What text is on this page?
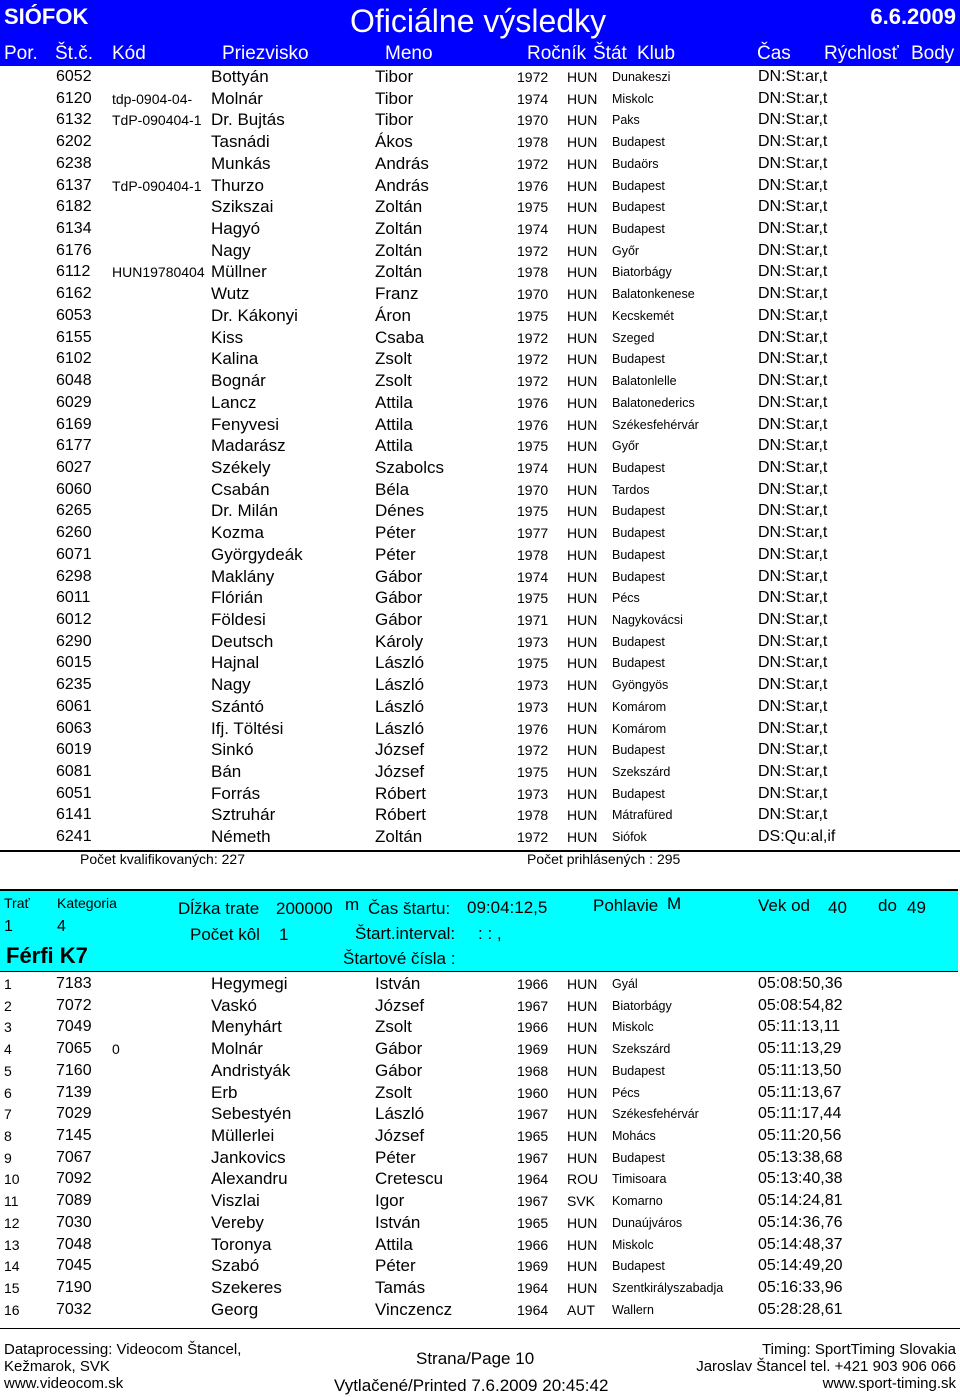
SIÓFOK	Oficiálne výsledky	6.6.2009
Por. Št.č. Kód	Priezvisko	Meno	Ročník Štát Klub	Čas Rýchlosť Body
6052	Bottyán	Tibor	1972 HUN Dunakeszi	DN:St:ar,t
6120 tdp-0904-04- Molnár	Tibor	1974 HUN Miskolc	DN:St:ar,t
6132 TdP-090404-1 Dr. Bujtás	Tibor	1970 HUN Paks	DN:St:ar,t
6202	Tasnádi	Ákos	1978 HUN Budapest	DN:St:ar,t
6238	Munkás	András	1972 HUN Budaörs	DN:St:ar,t
6137 TdP-090404-1 Thurzo	András	1976 HUN Budapest	DN:St:ar,t
6182	Szikszai	Zoltán	1975 HUN Budapest	DN:St:ar,t
6134	Hagyó	Zoltán	1974 HUN Budapest	DN:St:ar,t
6176	Nagy	Zoltán	1972 HUN Győr	DN:St:ar,t
6112 HUN19780404 Müllner	Zoltán	1978 HUN Biatorbágy	DN:St:ar,t
6162	Wutz	Franz	1970 HUN Balatonkenese	DN:St:ar,t
6053	Dr. Kákonyi	Áron	1975 HUN Kecskemét	DN:St:ar,t
6155	Kiss	Csaba	1972 HUN Szeged	DN:St:ar,t
6102	Kalina	Zsolt	1972 HUN Budapest	DN:St:ar,t
6048	Bognár	Zsolt	1972 HUN Balatonlelle	DN:St:ar,t
6029	Lancz	Attila	1976 HUN Balatonederics	DN:St:ar,t
6169	Fenyvesi	Attila	1976 HUN Székesfehérvár	DN:St:ar,t
6177	Madarász	Attila	1975 HUN Győr	DN:St:ar,t
6027	Székely	Szabolcs	1974 HUN Budapest	DN:St:ar,t
6060	Csabán	Béla	1970 HUN Tardos	DN:St:ar,t
6265	Dr. Milán	Dénes	1975 HUN Budapest	DN:St:ar,t
6260	Kozma	Péter	1977 HUN Budapest	DN:St:ar,t
6071	Györgydeák	Péter	1978 HUN Budapest	DN:St:ar,t
6298	Maklány	Gábor	1974 HUN Budapest	DN:St:ar,t
6011	Flórián	Gábor	1975 HUN Pécs	DN:St:ar,t
6012	Földesi	Gábor	1971 HUN Nagykovácsi	DN:St:ar,t
6290	Deutsch	Károly	1973 HUN Budapest	DN:St:ar,t
6015	Hajnal	László	1975 HUN Budapest	DN:St:ar,t
6235	Nagy	László	1973 HUN Gyöngyös	DN:St:ar,t
6061	Szántó	László	1973 HUN Komárom	DN:St:ar,t
6063	Ifj. Töltési	László	1976 HUN Komárom	DN:St:ar,t
6019	Sinkó	József	1972 HUN Budapest	DN:St:ar,t
6081	Bán	József	1975 HUN Szekszárd	DN:St:ar,t
6051	Forrás	Róbert	1973 HUN Budapest	DN:St:ar,t
6141	Sztruhár	Róbert	1978 HUN Mátrafüred	DN:St:ar,t
6241	Németh	Zoltán	1972 HUN Siófok	DS:Qu:al,if
Počet kvalifikovaných: 227	Počet prihlásených : 295
Trať Kategoria	Dĺžka trate 200000 m Čas štartu: 09:04:12,5	Pohlavie M	Vek od 40 do 49
1	4	Počet kôl 1	Štart.interval: : : ,
Férfi K7	Štartové čísla :
1	7183	Hegymegi	István	1966 HUN Gyál	05:08:50,36
2	7072	Vaskó	József	1967 HUN Biatorbágy	05:08:54,82
3	7049	Menyhárt	Zsolt	1966 HUN Miskolc	05:11:13,11
4	7065 0	Molnár	Gábor	1969 HUN Szekszárd	05:11:13,29
5	7160	Andristyák	Gábor	1968 HUN Budapest	05:11:13,50
6	7139	Erb	Zsolt	1960 HUN Pécs	05:11:13,67
7	7029	Sebestyén	László	1967 HUN Székesfehérvár	05:11:17,44
8	7145	Müllerlei	József	1965 HUN Mohács	05:11:20,56
9	7067	Jankovics	Péter	1967 HUN Budapest	05:13:38,68
10 7092	Alexandru	Cretescu	1964 ROU Timisoara	05:13:40,38
11 7089	Viszlai	Igor	1967 SVK Komarno	05:14:24,81
12 7030	Vereby	István	1965 HUN Dunaújváros	05:14:36,76
13 7048	Toronya	Attila	1966 HUN Miskolc	05:14:48,37
14 7045	Szabó	Péter	1969 HUN Budapest	05:14:49,20
15 7190	Szekeres	Tamás	1964 HUN Szentkirályszabadja 05:16:33,96
16 7032	Georg	Vinczencz	1964 AUT Wallern	05:28:28,61
Dataprocessing: Videocom Štancel,
Kežmarok, SVK
www.videocom.sk
Strana/Page 10
Vytlačené/Printed 7.6.2009 20:45:42
Timing: SportTiming Slovakia
Jaroslav Štancel tel. +421 903 906 066
www.sport-timing.sk
